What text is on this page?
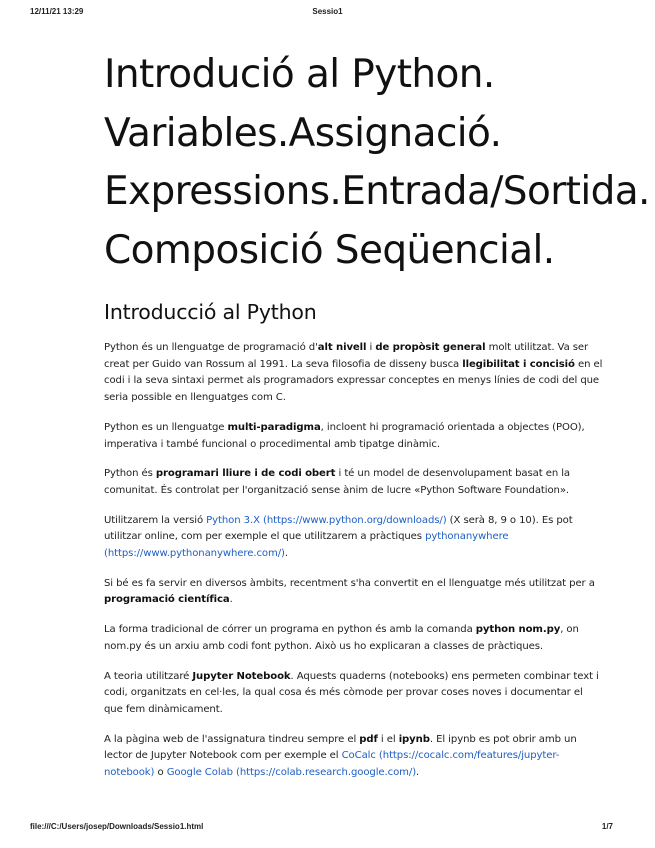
12/11/21 13:29	Sessio1
Introdució al Python.
Variables.Assignació.
Expressions.Entrada/Sortida.
Composició Seqüencial.
Introducció al Python

Python és un llenguatge de programació d'alt nivell i de propòsit general molt utilitzat. Va ser creat per Guido van Rossum al 1991. La seva filosofia de disseny busca llegibilitat i concisió en el codi i la seva sintaxi permet als programadors expressar conceptes en menys línies de codi del que seria possible en llenguatges com C.

Python es un llenguatge multi-paradigma, incloent hi programació orientada a objectes (POO), imperativa i també funcional o procedimental amb tipatge dinàmic.

Python és programari lliure i de codi obert i té un model de desenvolupament basat en la comunitat. És controlat per l'organització sense ànim de lucre «Python Software Foundation».

Utilitzarem la versió Python 3.X (https://www.python.org/downloads/) (X serà 8, 9 o 10). Es pot utilitzar online, com per exemple el que utilitzarem a pràctiques pythonanywhere (https://www.pythonanywhere.com/).

Si bé es fa servir en diversos àmbits, recentment s'ha convertit en el llenguatge més utilitzat per a programació científica.

La forma tradicional de córrer un programa en python és amb la comanda python nom.py, on nom.py és un arxiu amb codi font python. Això us ho explicaran a classes de pràctiques.

A teoria utilitzaré Jupyter Notebook. Aquests quaderns (notebooks) ens permeten combinar text i codi, organitzats en cel·les, la qual cosa és més còmode per provar coses noves i documentar el que fem dinàmicament.

A la pàgina web de l'assignatura tindreu sempre el pdf i el ipynb. El ipynb es pot obrir amb un lector de Jupyter Notebook com per exemple el CoCalc (https://cocalc.com/features/jupyter-notebook) o Google Colab (https://colab.research.google.com/).

file:///C:/Users/josep/Downloads/Sessio1.html	1/7
